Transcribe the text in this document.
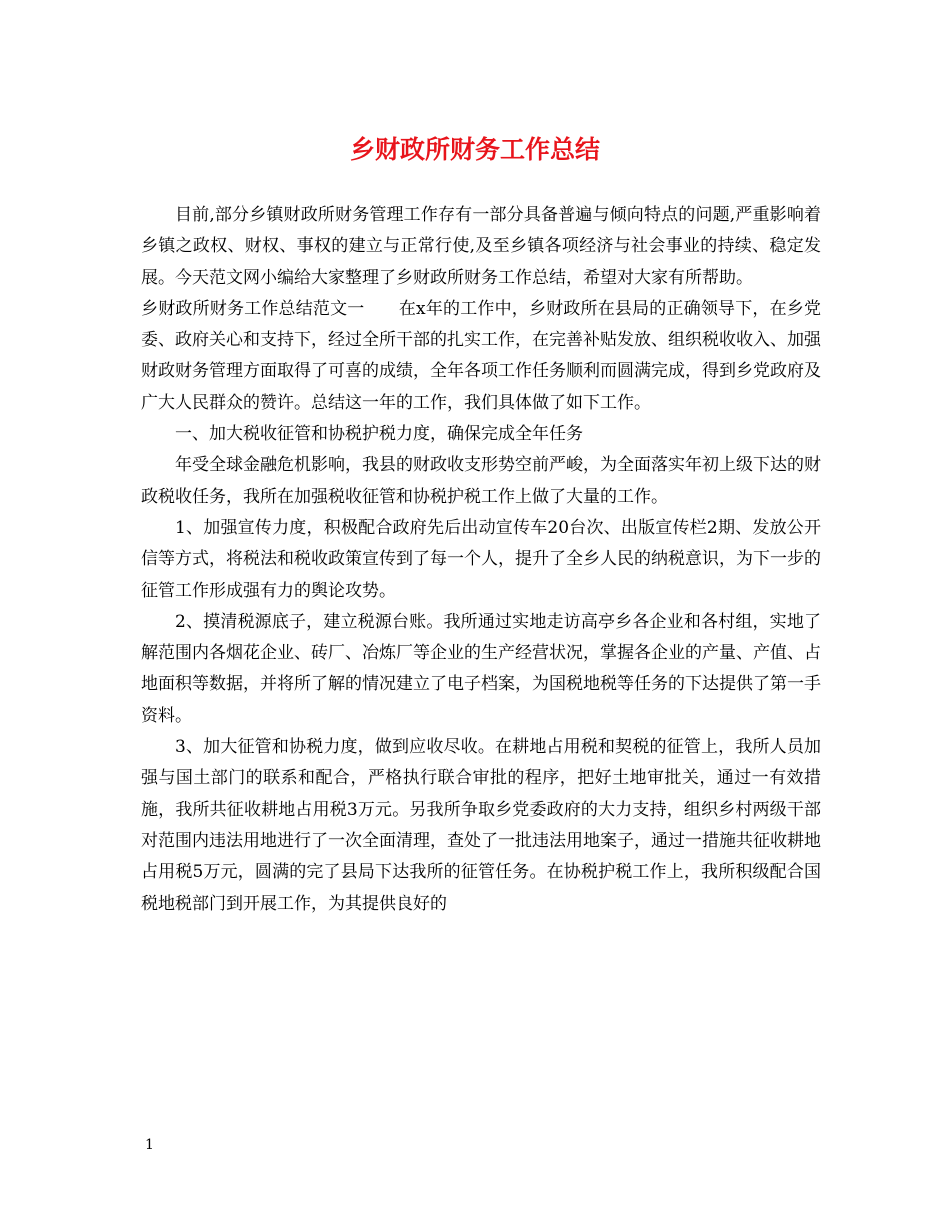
乡财政所财务工作总结

目前,部分乡镇财政所财务管理工作存有一部分具备普遍与倾向特点的问题,严重影响着乡镇之政权、财权、事权的建立与正常行使,及至乡镇各项经济与社会事业的持续、稳定发展。今天范文网小编给大家整理了乡财政所财务工作总结，希望对大家有所帮助。

乡财政所财务工作总结范文一　　在x年的工作中，乡财政所在县局的正确领导下，在乡党委、政府关心和支持下，经过全所干部的扎实工作，在完善补贴发放、组织税收收入、加强财政财务管理方面取得了可喜的成绩，全年各项工作任务顺利而圆满完成，得到乡党政府及广大人民群众的赞许。总结这一年的工作，我们具体做了如下工作。

一、加大税收征管和协税护税力度，确保完成全年任务

年受全球金融危机影响，我县的财政收支形势空前严峻，为全面落实年初上级下达的财政税收任务，我所在加强税收征管和协税护税工作上做了大量的工作。

1、加强宣传力度，积极配合政府先后出动宣传车20台次、出版宣传栏2期、发放公开信等方式，将税法和税收政策宣传到了每一个人，提升了全乡人民的纳税意识，为下一步的征管工作形成强有力的舆论攻势。

2、摸清税源底子，建立税源台账。我所通过实地走访高亭乡各企业和各村组，实地了解范围内各烟花企业、砖厂、冶炼厂等企业的生产经营状况，掌握各企业的产量、产值、占地面积等数据，并将所了解的情况建立了电子档案，为国税地税等任务的下达提供了第一手资料。

3、加大征管和协税力度，做到应收尽收。在耕地占用税和契税的征管上，我所人员加强与国土部门的联系和配合，严格执行联合审批的程序，把好土地审批关，通过一有效措施，我所共征收耕地占用税3万元。另我所争取乡党委政府的大力支持，组织乡村两级干部对范围内违法用地进行了一次全面清理，查处了一批违法用地案子，通过一措施共征收耕地占用税5万元，圆满的完了县局下达我所的征管任务。在协税护税工作上，我所积级配合国税地税部门到开展工作，为其提供良好的

1
